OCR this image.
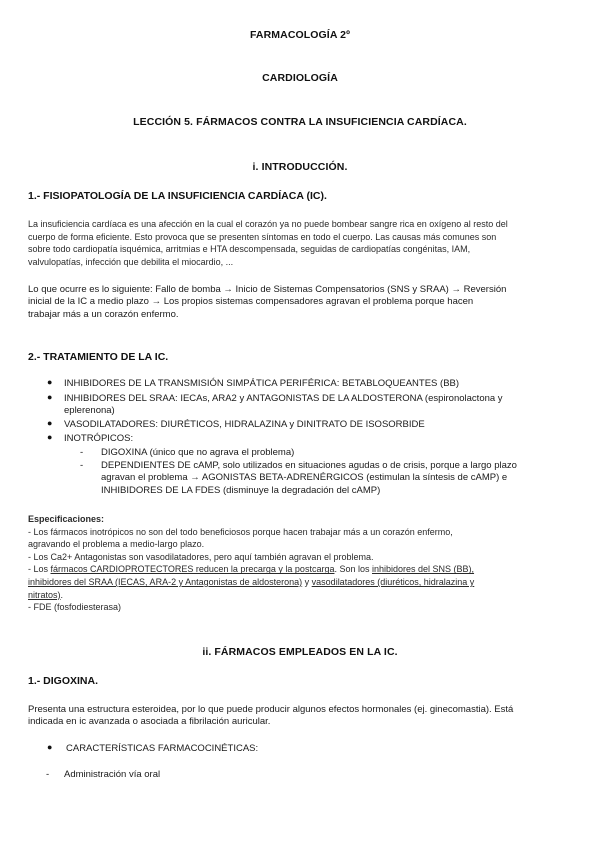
FARMACOLOGÍA 2º
CARDIOLOGÍA
LECCIÓN 5. FÁRMACOS CONTRA LA INSUFICIENCIA CARDÍACA.
i. INTRODUCCIÓN.
1.- FISIOPATOLOGÍA DE LA INSUFICIENCIA CARDÍACA (IC).
La insuficiencia cardíaca es una afección en la cual el corazón ya no puede bombear sangre rica en oxígeno al resto del
cuerpo de forma eficiente. Esto provoca que se presenten síntomas en todo el cuerpo. Las causas más comunes son
sobre todo cardiopatía isquémica, arritmias e HTA descompensada, seguidas de cardiopatías congénitas, IAM,
valvulopatías, infección que debilita el miocardio, ...
Lo que ocurre es lo siguiente: Fallo de bomba → Inicio de Sistemas Compensatorios (SNS y SRAA) → Reversión
inicial de la IC a medio plazo → Los propios sistemas compensadores agravan el problema porque hacen
trabajar más a un corazón enfermo.
2.- TRATAMIENTO DE LA IC.
● INHIBIDORES DE LA TRANSMISIÓN SIMPÁTICA PERIFÉRICA: BETABLOQUEANTES (BB)
● INHIBIDORES DEL SRAA: IECAs, ARA2 y ANTAGONISTAS DE LA ALDOSTERONA (espironolactona y
eplerenona)
● VASODILATADORES: DIURÉTICOS, HIDRALAZINA y DINITRATO DE ISOSORBIDE
● INOTRÓPICOS:
- DIGOXINA (único que no agrava el problema)
- DEPENDIENTES DE cAMP, solo utilizados en situaciones agudas o de crisis, porque a largo plazo
agravan el problema → AGONISTAS BETA-ADRENÉRGICOS (estimulan la síntesis de cAMP) e
INHIBIDORES DE LA FDES (disminuye la degradación del cAMP)
Especificaciones:
- Los fármacos inotrópicos no son del todo beneficiosos porque hacen trabajar más a un corazón enfermo,
agravando el problema a medio-largo plazo.
- Los Ca2+ Antagonistas son vasodilatadores, pero aquí también agravan el problema.
- Los fármacos CARDIOPROTECTORES reducen la precarga y la postcarga. Son los inhibidores del SNS (BB),
inhibidores del SRAA (IECAS, ARA-2 y Antagonistas de aldosterona) y vasodilatadores (diuréticos, hidralazina y
nitratos).
- FDE (fosfodiesterasa)
ii. FÁRMACOS EMPLEADOS EN LA IC.
1.- DIGOXINA.
Presenta una estructura esteroidea, por lo que puede producir algunos efectos hormonales (ej. ginecomastia). Está
indicada en ic avanzada o asociada a fibrilación auricular.
● CARACTERÍSTICAS FARMACOCINÉTICAS:
- Administración vía oral
